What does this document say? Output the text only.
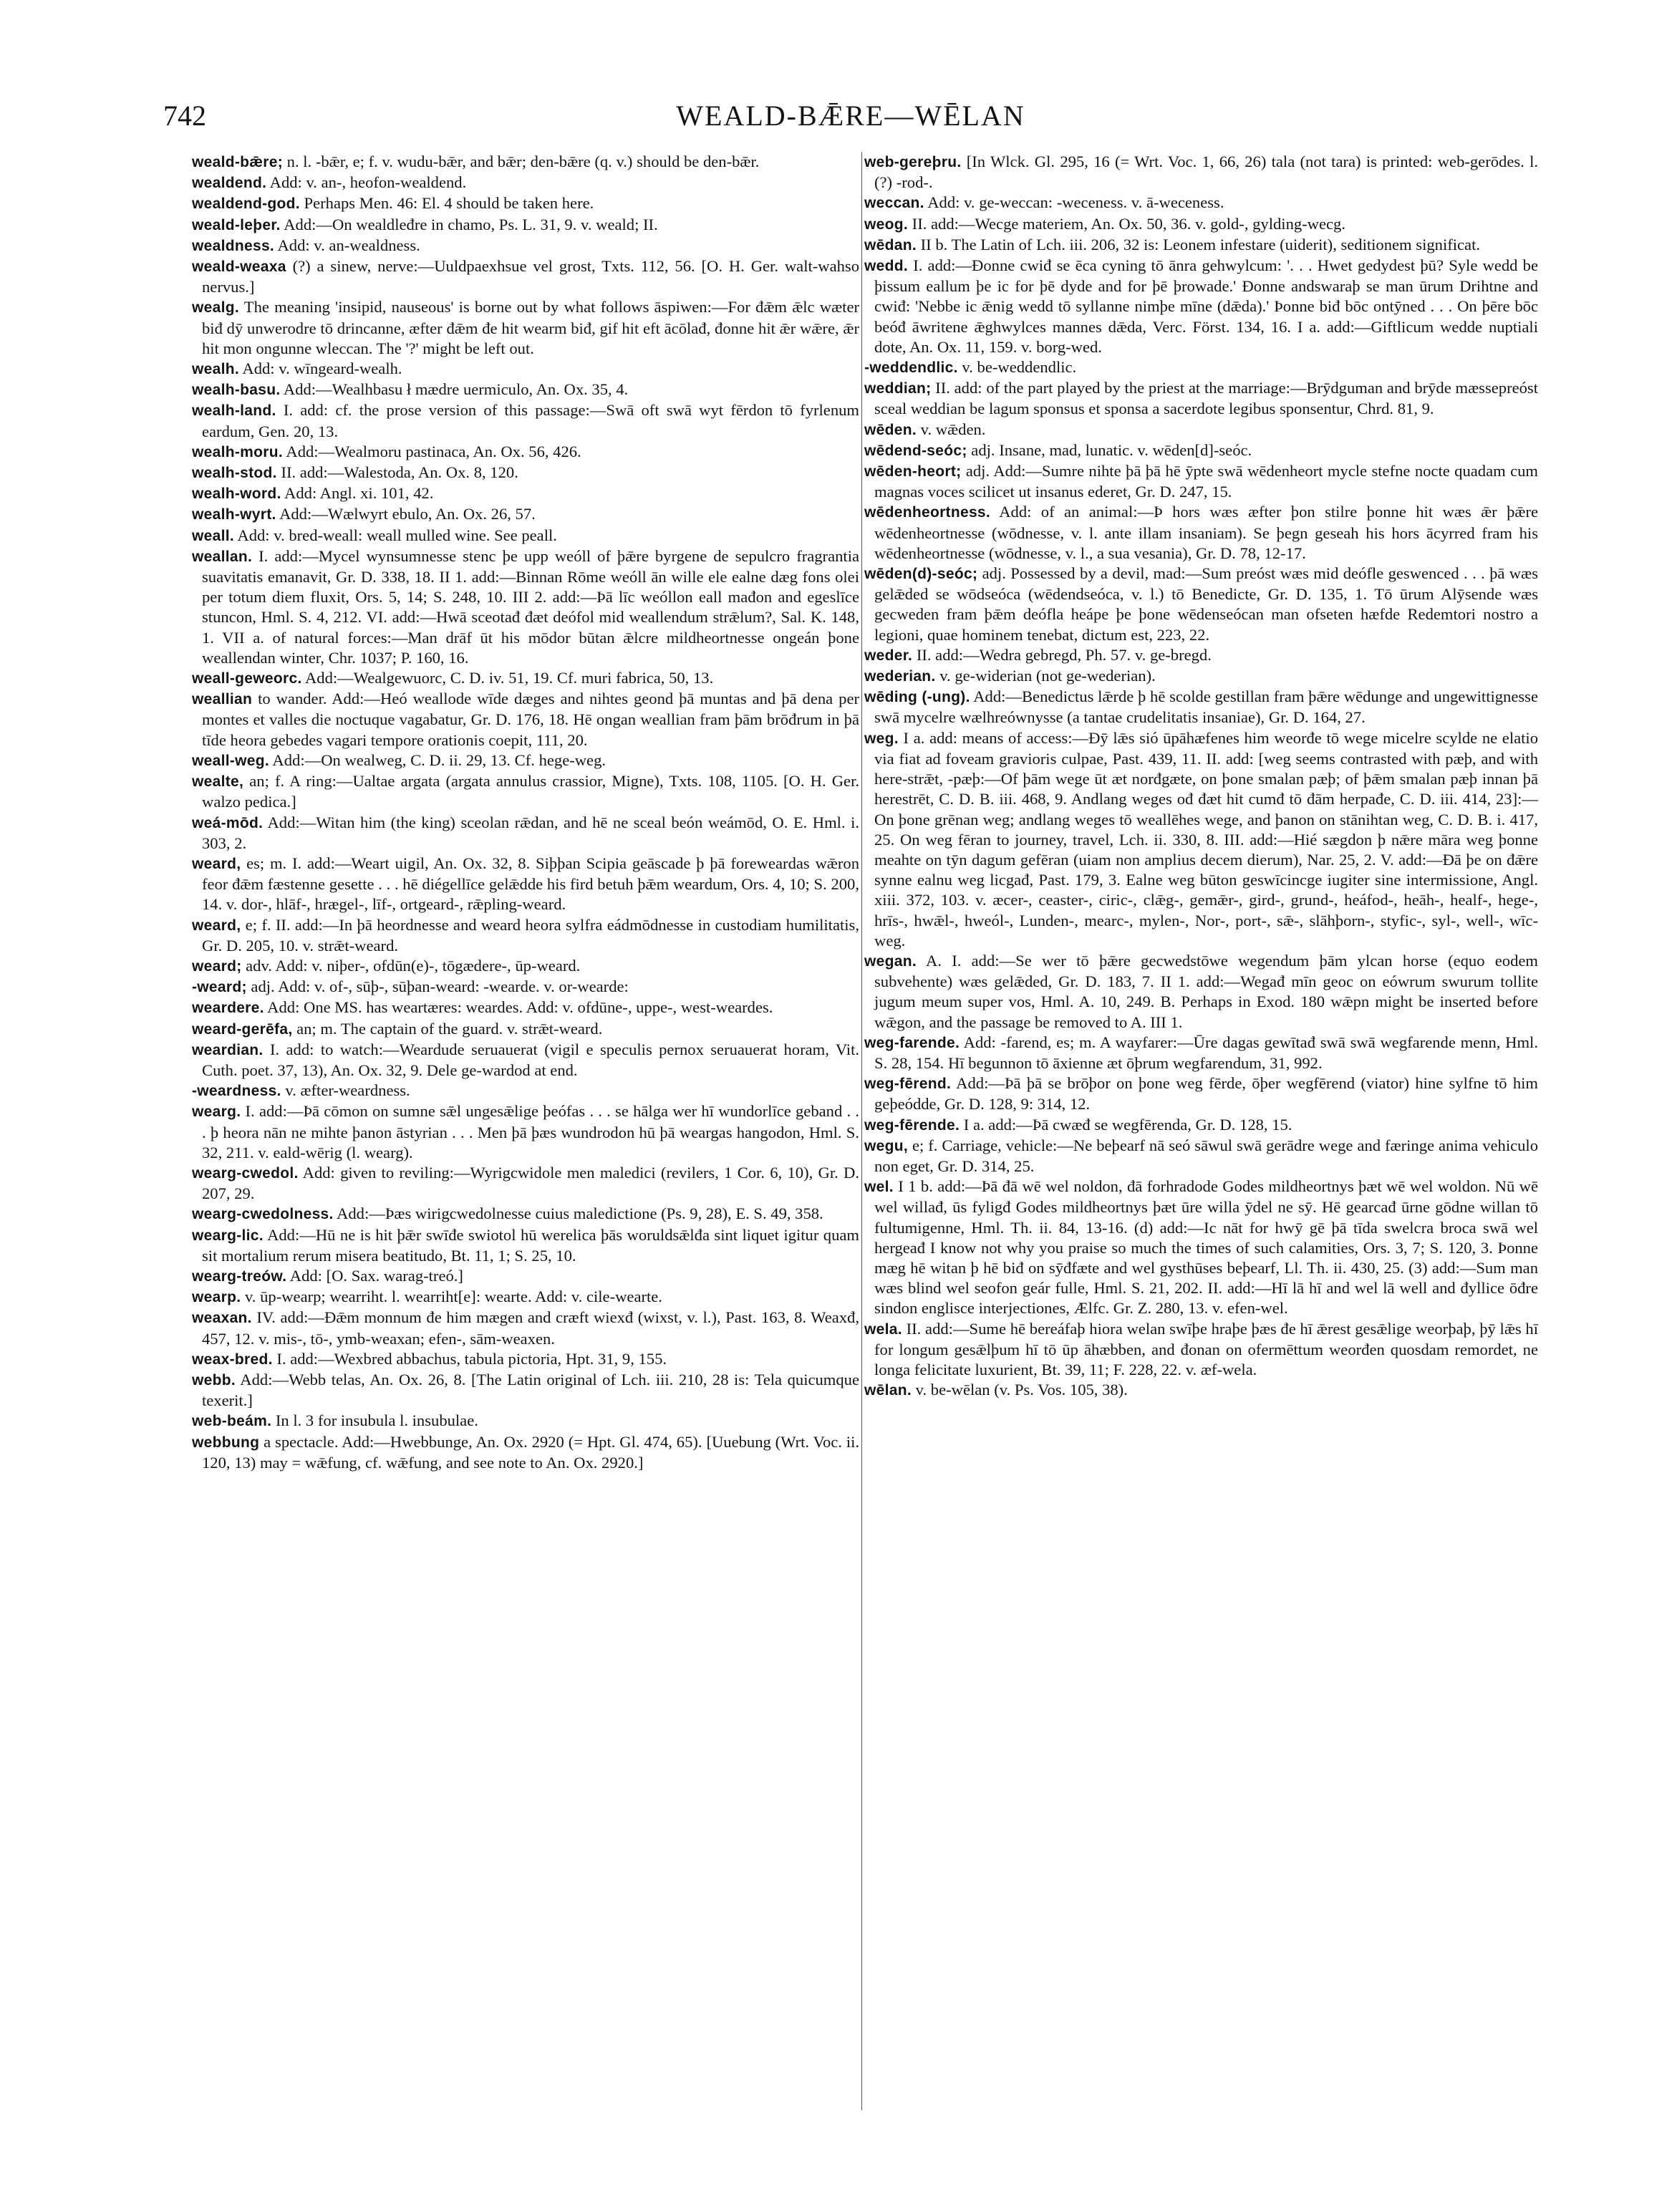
742	WEALD-BǢRE—WĒLAN

weald-bǣre; n. l. -bǣr, e; f. v. wudu-bǣr, and bǣr; den-bǣre (q. v.) should be den-bǣr.

wealdend. Add: v. an-, heofon-wealdend.

wealdend-god. Perhaps Men. 46: El. 4 should be taken here.

weald-leþer. Add:—On wealdleđre in chamo, Ps. L. 31, 9. v. weald; II.

wealdness. Add: v. an-wealdness.

weald-weaxa (?) a sinew, nerve:—Uuldpaexhsue vel grost, Txts. 112, 56. [O. H. Ger. walt-wahso nervus.]

wealg. The meaning 'insipid, nauseous' is borne out by what follows āspiwen:—For đǣm ǣlc wæter biđ dȳ unwerodre tō drincanne, æfter đǣm đe hit wearm biđ, gif hit eft ācōlađ, đonne hit ǣr wǣre, ǣr hit mon ongunne wleccan. The '?' might be left out.

wealh. Add: v. wīngeard-wealh.

wealh-basu. Add:—Wealhbasu ł mædre uermiculo, An. Ox. 35, 4.

wealh-land. I. add: cf. the prose version of this passage:—Swā oft swā wyt fērdon tō fyrlenum eardum, Gen. 20, 13.

wealh-moru. Add:—Wealmoru pastinaca, An. Ox. 56, 426.

wealh-stod. II. add:—Walestoda, An. Ox. 8, 120.

wealh-word. Add: Angl. xi. 101, 42.

wealh-wyrt. Add:—Wælwyrt ebulo, An. Ox. 26, 57.

weall. Add: v. bred-weall: weall mulled wine. See peall.

weallan. I. add:—Mycel wynsumnesse stenc þe upp weóll of þǣre byrgene de sepulcro fragrantia suavitatis emanavit, Gr. D. 338, 18. II 1. add:—Binnan Rōme weóll ān wille ele ealne dæg fons olei per totum diem fluxit, Ors. 5, 14; S. 248, 10. III 2. add:—Þā līc weóllon eall mađon and egeslīce stuncon, Hml. S. 4, 212. VI. add:—Hwā sceotađ đæt deófol mid weallendum strǣlum?, Sal. K. 148, 1. VII a. of natural forces:—Man drāf ūt his mōdor būtan ǣlcre mildheortnesse ongeán þone weallendan winter, Chr. 1037; P. 160, 16.

weall-geweorc. Add:—Wealgewuorc, C. D. iv. 51, 19. Cf. muri fabrica, 50, 13.

weallian to wander. Add:—Heó weallode wīde dæges and nihtes geond þā muntas and þā dena per montes et valles die noctuque vagabatur, Gr. D. 176, 18. Hē ongan weallian fram þām brōđrum in þā tīde heora gebedes vagari tempore orationis coepit, 111, 20.

weall-weg. Add:—On wealweg, C. D. ii. 29, 13. Cf. hege-weg.

wealte, an; f. A ring:—Ualtae argata (argata annulus crassior, Migne), Txts. 108, 1105. [O. H. Ger. walzo pedica.]

weá-mōd. Add:—Witan him (the king) sceolan rǣdan, and hē ne sceal beón weámōd, O. E. Hml. i. 303, 2.

weard, es; m. I. add:—Weart uigil, An. Ox. 32, 8. Siþþan Scipia geāscade þ þā foreweardas wǣron feor đǣm fæstenne gesette . . . hē diégellīce gelǣdde his fird betuh þǣm weardum, Ors. 4, 10; S. 200, 14. v. dor-, hlāf-, hrægel-, līf-, ortgeard-, rǣpling-weard.

weard, e; f. II. add:—In þā heordnesse and weard heora sylfra eádmōdnesse in custodiam humilitatis, Gr. D. 205, 10. v. strǣt-weard.

weard; adv. Add: v. niþer-, ofdūn(e)-, tōgædere-, ūp-weard.

-weard; adj. Add: v. of-, sūþ-, sūþan-weard: -wearde. v. or-wearde:

weardere. Add: One MS. has weartæres: weardes. Add: v. ofdūne-, uppe-, west-weardes.

weard-gerēfa, an; m. The captain of the guard. v. strǣt-weard.

weardian. I. add: to watch:—Weardude seruauerat (vigil e speculis pernox seruauerat horam, Vit. Cuth. poet. 37, 13), An. Ox. 32, 9. Dele ge-wardod at end.

-weardness. v. æfter-weardness.

wearg. I. add:—Þā cōmon on sumne sǣl ungesǣlige þeófas . . . se hālga wer hī wundorlīce geband . . . þ heora nān ne mihte þanon āstyrian . . . Men þā þæs wundrodon hū þā weargas hangodon, Hml. S. 32, 211. v. eald-wērig (l. wearg).

wearg-cwedol. Add: given to reviling:—Wyrigcwidole men maledici (revilers, 1 Cor. 6, 10), Gr. D. 207, 29.

wearg-cwedolness. Add:—Þæs wirigcwedolnesse cuius maledictione (Ps. 9, 28), E. S. 49, 358.

wearg-lic. Add:—Hū ne is hit þǣr swīđe swiotol hū werelica þās woruldsǣlđa sint liquet igitur quam sit mortalium rerum misera beatitudo, Bt. 11, 1; S. 25, 10.

wearg-treów. Add: [O. Sax. warag-treó.]

wearp. v. ūp-wearp; wearriht. l. wearriht[e]: wearte. Add: v. cile-wearte.

weaxan. IV. add:—Đǣm monnum đe him mægen and cræft wiexđ (wixst, v. l.), Past. 163, 8. Weaxđ, 457, 12. v. mis-, tō-, ymb-weaxan; efen-, sām-weaxen.

weax-bred. I. add:—Wexbred abbachus, tabula pictoria, Hpt. 31, 9, 155.

webb. Add:—Webb telas, An. Ox. 26, 8. [The Latin original of Lch. iii. 210, 28 is: Tela quicumque texerit.]

web-beám. In l. 3 for insubula l. insubulae.

webbung a spectacle. Add:—Hwebbunge, An. Ox. 2920 (= Hpt. Gl. 474, 65). [Uuebung (Wrt. Voc. ii. 120, 13) may = wǣfung, cf. wǣfung, and see note to An. Ox. 2920.]

web-gereþru. [In Wlck. Gl. 295, 16 (= Wrt. Voc. 1, 66, 26) tala (not tara) is printed: web-gerōdes. l. (?) -rod-.

weccan. Add: v. ge-weccan: -weceness. v. ā-weceness.

weog. II. add:—Wecge materiem, An. Ox. 50, 36. v. gold-, gylding-wecg.

wēdan. II b. The Latin of Lch. iii. 206, 32 is: Leonem infestare (uiderit), seditionem significat.

wedd. I. add:—Đonne cwiđ se ēca cyning tō ānra gehwylcum: '. . . Hwet gedydest þū? Syle wedd be þissum eallum þe ic for þē dyde and for þē þrowade.' Đonne andswaraþ se man ūrum Drihtne and cwiđ: 'Nebbe ic ǣnig wedd tō syllanne nimþe mīne (dǣda).' Þonne biđ bōc ontȳned . . . On þēre bōc beóđ āwritene ǣghwylces mannes dǣda, Verc. Först. 134, 16. I a. add:—Giftlicum wedde nuptiali dote, An. Ox. 11, 159. v. borg-wed.

-weddendlic. v. be-weddendlic.

weddian; II. add: of the part played by the priest at the marriage:—Brȳdguman and brȳde mæssepreóst sceal weddian be lagum sponsus et sponsa a sacerdote legibus sponsentur, Chrd. 81, 9.

wēden. v. wǣden.

wēdend-seóc; adj. Insane, mad, lunatic. v. wēden[d]-seóc.

wēden-heort; adj. Add:—Sumre nihte þā þā hē ȳpte swā wēdenheort mycle stefne nocte quadam cum magnas voces scilicet ut insanus ederet, Gr. D. 247, 15.

wēdenheortness. Add: of an animal:—Þ hors wæs æfter þon stilre þonne hit wæs ǣr þǣre wēdenheortnesse (wōdnesse, v. l. ante illam insaniam). Se þegn geseah his hors ācyrred fram his wēdenheortnesse (wōdnesse, v. l., a sua vesania), Gr. D. 78, 12-17.

wēden(d)-seóc; adj. Possessed by a devil, mad:—Sum preóst wæs mid deófle geswenced . . . þā wæs gelǣded se wōdseóca (wēdendseóca, v. l.) tō Benedicte, Gr. D. 135, 1. Tō ūrum Alȳsende wæs gecweden fram þǣm deófla heápe þe þone wēdenseócan man ofseten hæfde Redemtori nostro a legioni, quae hominem tenebat, dictum est, 223, 22.

weder. II. add:—Wedra gebregd, Ph. 57. v. ge-bregd.

wederian. v. ge-widerian (not ge-wederian).

wēding (-ung). Add:—Benedictus lǣrde þ hē scolde gestillan fram þǣre wēdunge and ungewittignesse swā mycelre wælhreównysse (a tantae crudelitatis insaniae), Gr. D. 164, 27.

weg. I a. add: means of access:—Đȳ lǣs sió ūpāhæfenes him weorđe tō wege micelre scylde ne elatio via fiat ad foveam gravioris culpae, Past. 439, 11. II. add: [weg seems contrasted with pæþ, and with here-strǣt, -pæþ:—Of þām wege ūt æt norđgæte, on þone smalan pæþ; of þǣm smalan pæþ innan þā herestrēt, C. D. B. iii. 468, 9. Andlang weges ođ đæt hit cumđ tō đām herpađe, C. D. iii. 414, 23]:—On þone grēnan weg; andlang weges tō weallēhes wege, and þanon on stānihtan weg, C. D. B. i. 417, 25. On weg fēran to journey, travel, Lch. ii. 330, 8. III. add:—Hié sægdon þ nǣre māra weg þonne meahte on tȳn dagum gefēran (uiam non amplius decem dierum), Nar. 25, 2. V. add:—Đā þe on đǣre synne ealnu weg licgađ, Past. 179, 3. Ealne weg būton geswīcincge iugiter sine intermissione, Angl. xiii. 372, 103. v. æcer-, ceaster-, ciric-, clǣg-, gemǣr-, gird-, grund-, heáfod-, heāh-, healf-, hege-, hrīs-, hwǣl-, hweól-, Lunden-, mearc-, mylen-, Nor-, port-, sǣ-, slāhþorn-, styfic-, syl-, well-, wīc-weg.

wegan. A. I. add:—Se wer tō þǣre gecwedstōwe wegendum þām ylcan horse (equo eodem subvehente) wæs gelǣded, Gr. D. 183, 7. II 1. add:—Wegađ mīn geoc on eówrum swurum tollite jugum meum super vos, Hml. A. 10, 249. B. Perhaps in Exod. 180 wǣpn might be inserted before wǣgon, and the passage be removed to A. III 1.

weg-farende. Add: -farend, es; m. A wayfarer:—Ūre dagas gewītađ swā swā wegfarende menn, Hml. S. 28, 154. Hī begunnon tō āxienne æt ōþrum wegfarendum, 31, 992.

weg-fērend. Add:—Þā þā se brōþor on þone weg fērde, ōþer wegfērend (viator) hine sylfne tō him geþeódde, Gr. D. 128, 9: 314, 12.

weg-fērende. I a. add:—Þā cwæđ se wegfērenda, Gr. D. 128, 15.

wegu, e; f. Carriage, vehicle:—Ne beþearf nā seó sāwul swā gerādre wege and færinge anima vehiculo non eget, Gr. D. 314, 25.

wel. I 1 b. add:—Þā đā wē wel noldon, đā forhradode Godes mildheortnys þæt wē wel woldon. Nū wē wel willađ, ūs fyligđ Godes mildheortnys þæt ūre willa ȳdel ne sȳ. Hē gearcađ ūrne gōdne willan tō fultumigenne, Hml. Th. ii. 84, 13-16. (d) add:—Ic nāt for hwȳ gē þā tīda swelcra broca swā wel hergeađ I know not why you praise so much the times of such calamities, Ors. 3, 7; S. 120, 3. Þonne mæg hē witan þ hē biđ on sȳđfæte and wel gysthūses beþearf, Ll. Th. ii. 430, 25. (3) add:—Sum man wæs blind wel seofon geár fulle, Hml. S. 21, 202. II. add:—Hī lā hī and wel lā well and đyllice ōđre sindon englisce interjectiones, Ælfc. Gr. Z. 280, 13. v. efen-wel.

wela. II. add:—Sume hē bereáfaþ hiora welan swīþe hraþe þæs đe hī ǣrest gesǣlige weorþaþ, þȳ lǣs hī for longum gesǣlþum hī tō ūp āhæbben, and đonan on ofermēttum weorđen quosdam remordet, ne longa felicitate luxurient, Bt. 39, 11; F. 228, 22. v. æf-wela.

wēlan. v. be-wēlan (v. Ps. Vos. 105, 38).
